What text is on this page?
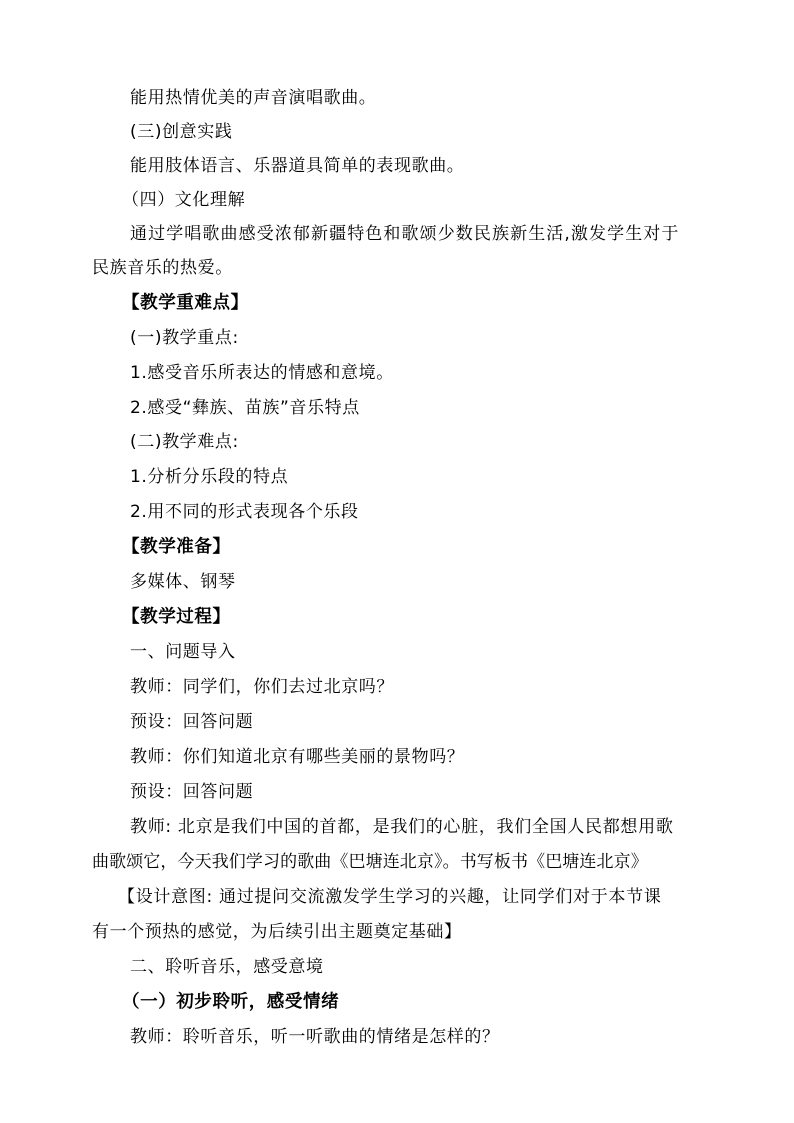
能用热情优美的声音演唱歌曲。
(三)创意实践
能用肢体语言、乐器道具简单的表现歌曲。
（四）文化理解
通过学唱歌曲感受浓郁新疆特色和歌颂少数民族新生活,激发学生对于
民族音乐的热爱。
【教学重难点】
(一)教学重点:
1.感受音乐所表达的情感和意境。
2.感受“彝族、苗族”音乐特点
(二)教学难点:
1.分析分乐段的特点
2.用不同的形式表现各个乐段
【教学准备】
多媒体、钢琴
【教学过程】
一、问题导入
教师：同学们，你们去过北京吗？
预设：回答问题
教师：你们知道北京有哪些美丽的景物吗？
预设：回答问题
教师: 北京是我们中国的首都，是我们的心脏，我们全国人民都想用歌
曲歌颂它，今天我们学习的歌曲《巴塘连北京》。书写板书《巴塘连北京》
【设计意图: 通过提问交流激发学生学习的兴趣，让同学们对于本节课
有一个预热的感觉，为后续引出主题奠定基础】
二、聆听音乐，感受意境
（一）初步聆听，感受情绪
教师：聆听音乐，听一听歌曲的情绪是怎样的？
